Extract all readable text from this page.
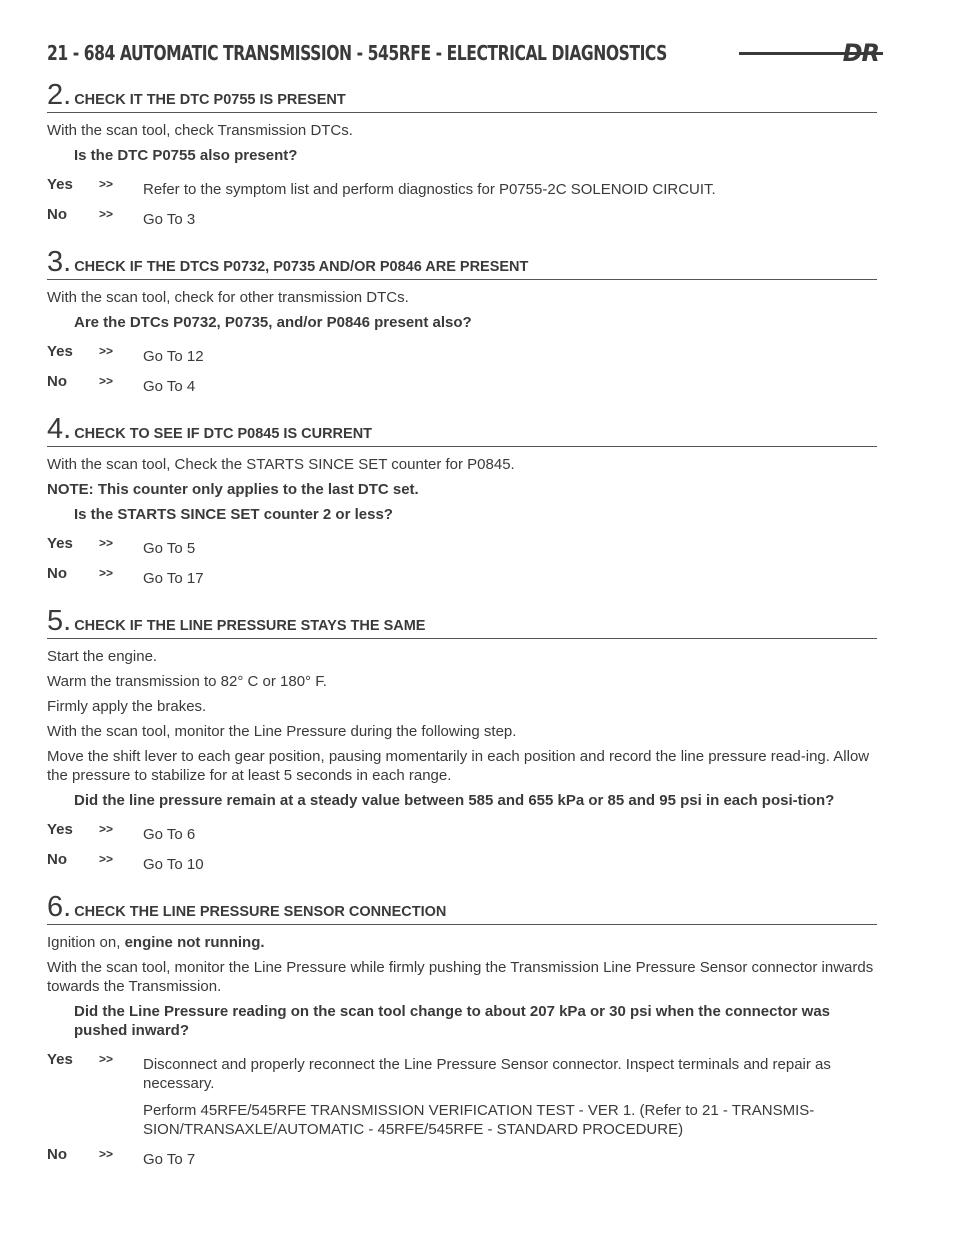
21 - 684 AUTOMATIC TRANSMISSION - 545RFE - ELECTRICAL DIAGNOSTICS	DR
2. CHECK IT THE DTC P0755 IS PRESENT

With the scan tool, check Transmission DTCs.

Is the DTC P0755 also present?

Yes	>>	Refer to the symptom list and perform diagnostics for P0755-2C SOLENOID CIRCUIT.

No	>>	Go To 3

3. CHECK IF THE DTCS P0732, P0735 AND/OR P0846 ARE PRESENT

With the scan tool, check for other transmission DTCs.

Are the DTCs P0732, P0735, and/or P0846 present also?

Yes	>>	Go To 12

No	>>	Go To 4

4. CHECK TO SEE IF DTC P0845 IS CURRENT

With the scan tool, Check the STARTS SINCE SET counter for P0845.

NOTE: This counter only applies to the last DTC set.

Is the STARTS SINCE SET counter 2 or less?

Yes	>>	Go To 5

No	>>	Go To 17

5. CHECK IF THE LINE PRESSURE STAYS THE SAME

Start the engine.

Warm the transmission to 82° C or 180° F.

Firmly apply the brakes.

With the scan tool, monitor the Line Pressure during the following step.

Move the shift lever to each gear position, pausing momentarily in each position and record the line pressure read-ing. Allow the pressure to stabilize for at least 5 seconds in each range.

Did the line pressure remain at a steady value between 585 and 655 kPa or 85 and 95 psi in each posi-tion?

Yes	>>	Go To 6

No	>>	Go To 10

6. CHECK THE LINE PRESSURE SENSOR CONNECTION

Ignition on, engine not running.

With the scan tool, monitor the Line Pressure while firmly pushing the Transmission Line Pressure Sensor connector inwards towards the Transmission.

Did the Line Pressure reading on the scan tool change to about 207 kPa or 30 psi when the connector was pushed inward?

Yes	>>	Disconnect and properly reconnect the Line Pressure Sensor connector. Inspect terminals and repair as necessary.

Perform 45RFE/545RFE TRANSMISSION VERIFICATION TEST - VER 1. (Refer to 21 - TRANSMIS-SION/TRANSAXLE/AUTOMATIC - 45RFE/545RFE - STANDARD PROCEDURE)

No	>>	Go To 7
